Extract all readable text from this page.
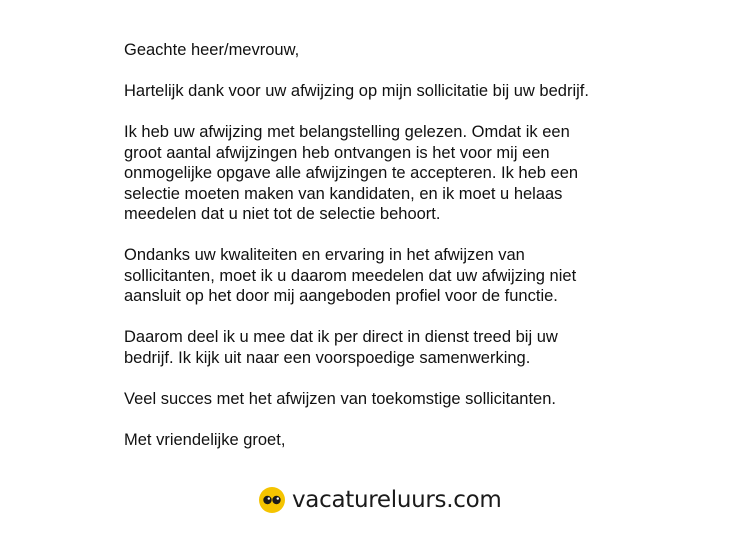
Geachte heer/mevrouw,

Hartelijk dank voor uw afwijzing op mijn sollicitatie bij uw bedrijf.

Ik heb uw afwijzing met belangstelling gelezen. Omdat ik een
groot aantal afwijzingen heb ontvangen is het voor mij een
onmogelijke opgave alle afwijzingen te accepteren. Ik heb een
selectie moeten maken van kandidaten, en ik moet u helaas
meedelen dat u niet tot de selectie behoort.

Ondanks uw kwaliteiten en ervaring in het afwijzen van
sollicitanten, moet ik u daarom meedelen dat uw afwijzing niet
aansluit op het door mij aangeboden profiel voor de functie.

Daarom deel ik u mee dat ik per direct in dienst treed bij uw
bedrijf. Ik kijk uit naar een voorspoedige samenwerking.

Veel succes met het afwijzen van toekomstige sollicitanten.

Met vriendelijke groet,

vacatureluurs.com
